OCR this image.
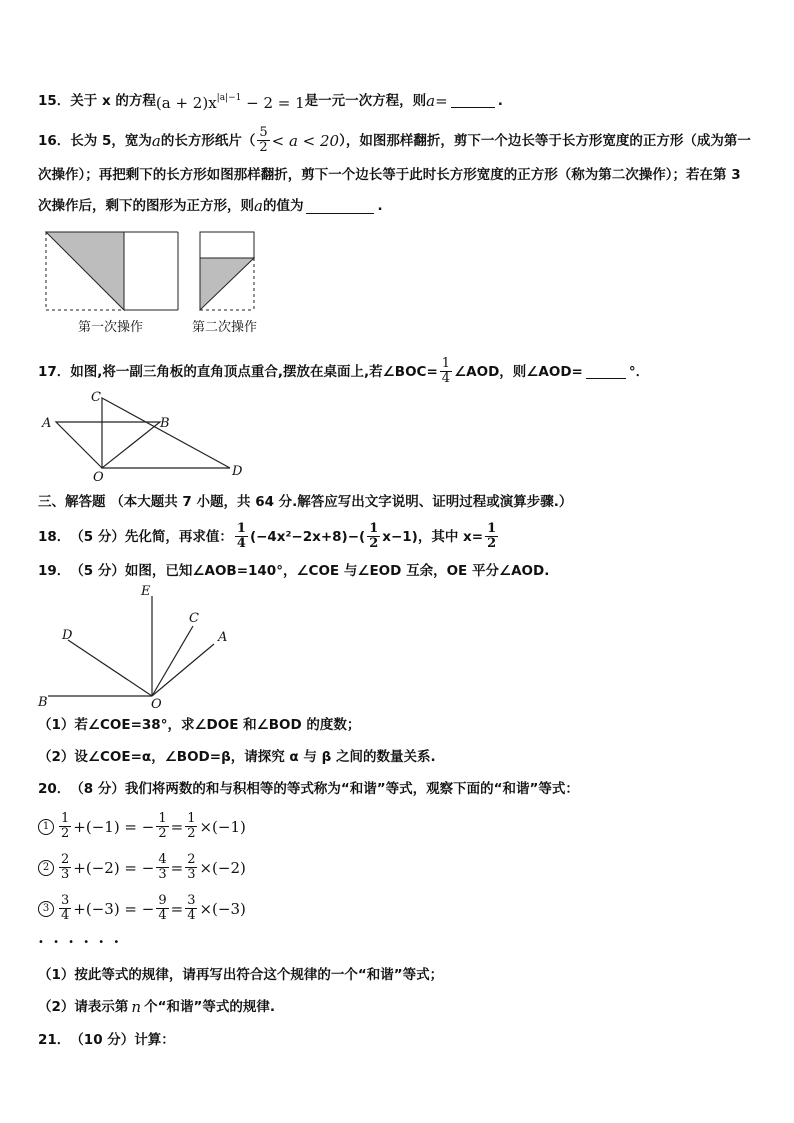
15． 关于 x 的方程 $(a + 2)x^{|a|-1} - 2 = 1$ 是一元一次方程，则 a =	.
16． 长为 5，宽为 a 的长方形纸片（ $\frac{5}{2} < a < 20$ ），如图那样翻折，剪下一个边长等于长方形宽度的正方形（成为第一
次操作）；再把剩下的长方形如图那样翻折，剪下一个边长等于此时长方形宽度的正方形（称为第二次操作）；若在第 3
次操作后，剩下的图形为正方形，则 a 的值为	.
第一次操作	第二次操作
17． 如图,将一副三角板的直角顶点重合,摆放在桌面上,若∠BOC= $\frac{1}{4}$ ∠AOD，则∠AOD=	°．
C
A	B
O	D
三、解答题 （本大题共 7 小题，共 64 分.解答应写出文字说明、证明过程或演算步骤.）
18． （5 分）先化简，再求值： $\frac{1}{4} (-4x^2-2x+8)-( \frac{1}{2} x-1)$，其中 $x= \frac{1}{2}$
19． （5 分）如图，已知∠AOB=140°，∠COE 与∠EOD 互余，OE 平分∠AOD.
E
C
A
D
B	O
（1）若∠COE=38°，求∠DOE 和∠BOD 的度数；
（2）设∠COE=α，∠BOD=β，请探究 α 与 β 之间的数量关系.
20． （8 分）我们将两数的和与积相等的等式称为“和谐”等式，观察下面的“和谐”等式：
$1 \frac{1}{2} +(-1)$ = − $\frac{1}{2} = \frac{1}{2} \times(-1)$
$2 \frac{2}{3} +(-2)$ = − $\frac{4}{3} = \frac{2}{3} \times(-2)$
$3 \frac{3}{4} +(-3)$ = − $\frac{9}{4} = \frac{3}{4} \times(-3)$
• • • • • •
（1）按此等式的规律，请再写出符合这个规律的一个“和谐”等式；
（2）请表示第 n 个“和谐”等式的规律.
21． （10 分）计算：
